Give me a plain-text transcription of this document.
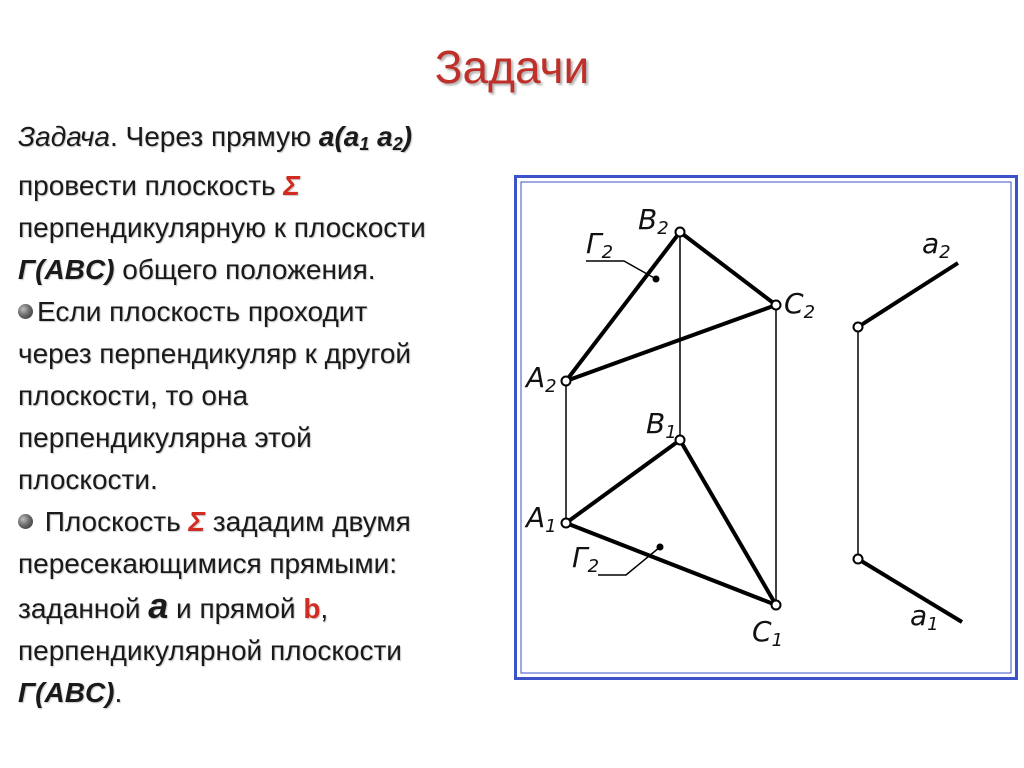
Задачи

Задача. Через прямую $a(a_1$ $a_2$)

провести плоскость Σ

перпендикулярную к плоскости

Г(ABC) общего положения.

Если плоскость проходит

через перпендикуляр к другой

плоскости, то она

перпендикулярна этой

плоскости.

Плоскость Σ зададим двумя

пересекающимися прямыми:

заданной a и прямой b,

перпендикулярной плоскости

Г(ABC).

B2
C2
A2
B1
A1
C1
Г2
Г2
a2
a1
